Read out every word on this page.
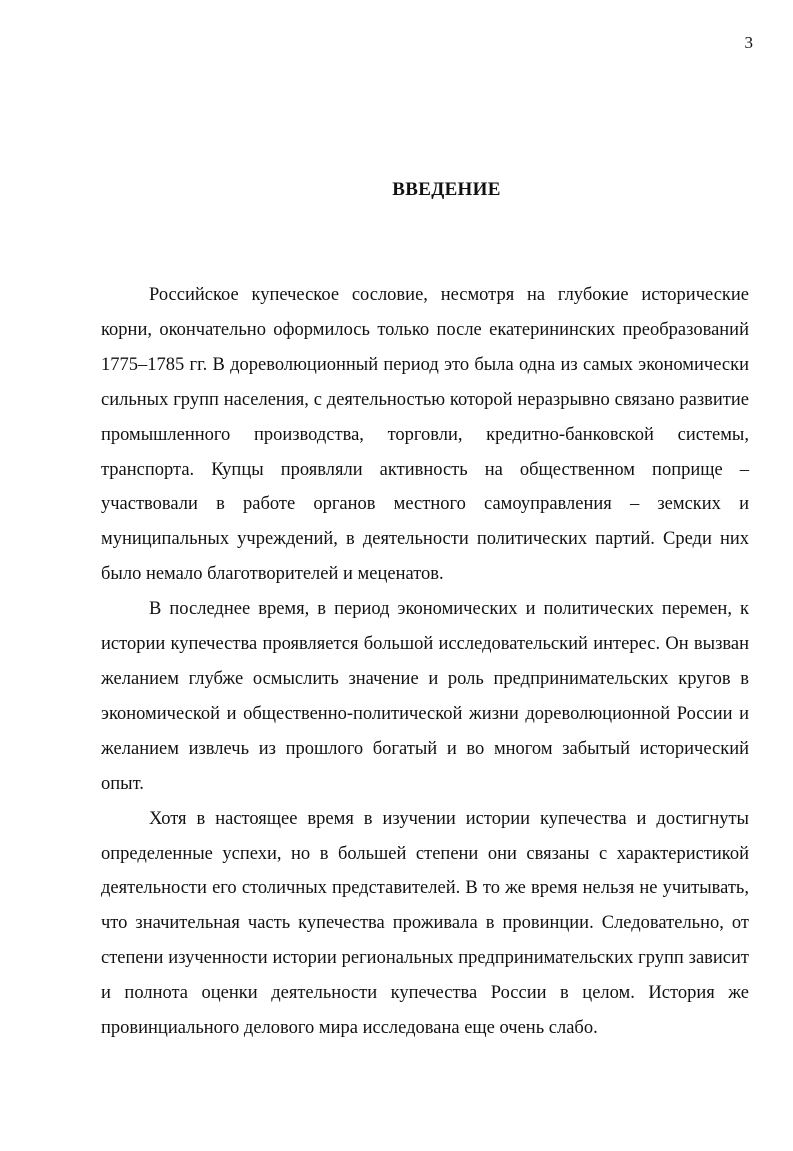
3
ВВЕДЕНИЕ

Российское купеческое сословие, несмотря на глубокие исторические корни, окончательно оформилось только после екатерининских преобразований 1775–1785 гг. В дореволюционный период это была одна из самых экономически сильных групп населения, с деятельностью которой неразрывно связано развитие промышленного производства, торговли, кредитно-банковской системы, транспорта. Купцы проявляли активность на общественном поприще – участвовали в работе органов местного самоуправления – земских и муниципальных учреждений, в деятельности политических партий. Среди них было немало благотворителей и меценатов.

В последнее время, в период экономических и политических перемен, к истории купечества проявляется большой исследовательский интерес. Он вызван желанием глубже осмыслить значение и роль предпринимательских кругов в экономической и общественно-политической жизни дореволюционной России и желанием извлечь из прошлого богатый и во многом забытый исторический опыт.

Хотя в настоящее время в изучении истории купечества и достигнуты определенные успехи, но в большей степени они связаны с характеристикой деятельности его столичных представителей. В то же время нельзя не учитывать, что значительная часть купечества проживала в провинции. Следовательно, от степени изученности истории региональных предпринимательских групп зависит и полнота оценки деятельности купечества России в целом. История же провинциального делового мира исследована еще очень слабо.
